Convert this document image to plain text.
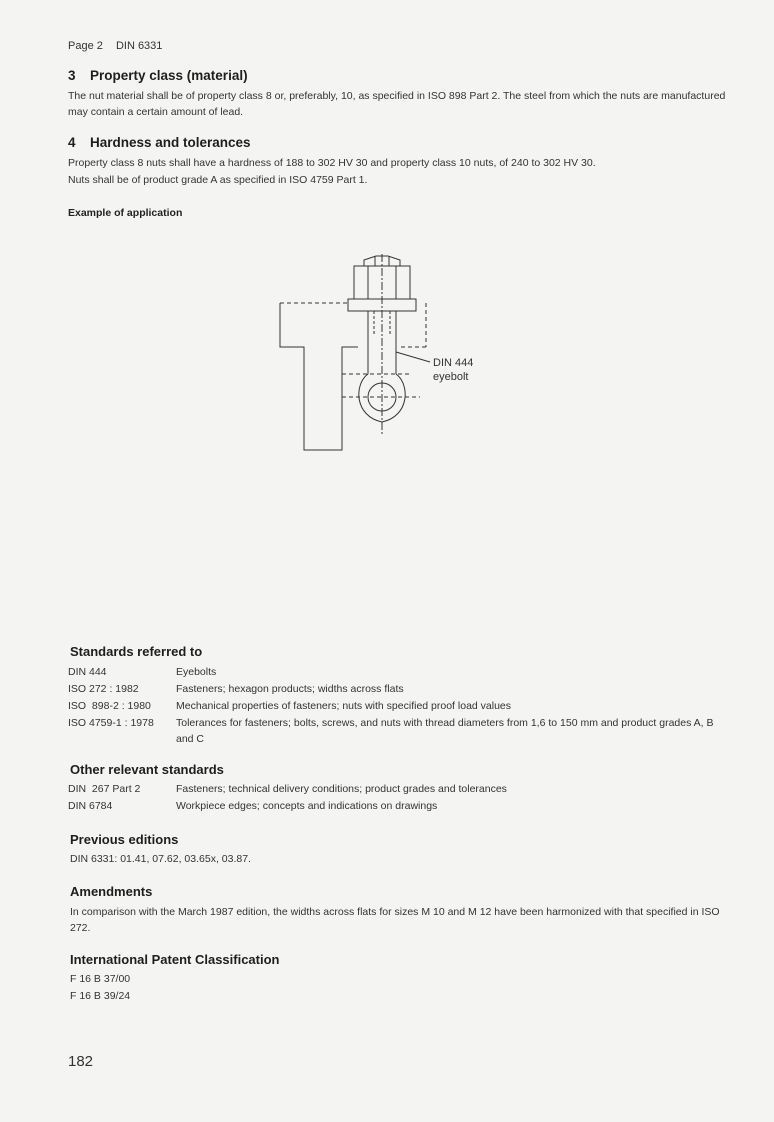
Page 2 DIN 6331
3 Property class (material)
The nut material shall be of property class 8 or, preferably, 10, as specified in ISO 898 Part 2. The steel from which the nuts are manufactured may contain a certain amount of lead.
4 Hardness and tolerances
Property class 8 nuts shall have a hardness of 188 to 302 HV 30 and property class 10 nuts, of 240 to 302 HV 30.
Nuts shall be of product grade A as specified in ISO 4759 Part 1.
Example of application
DIN 444
eyebolt
Standards referred to
DIN 444	Eyebolts
ISO 272 : 1982	Fasteners; hexagon products; widths across flats
ISO  898-2 : 1980	Mechanical properties of fasteners; nuts with specified proof load values
ISO 4759-1 : 1978	Tolerances for fasteners; bolts, screws, and nuts with thread diameters from 1,6 to 150 mm and product grades A, B and C
Other relevant standards
DIN  267 Part 2	Fasteners; technical delivery conditions; product grades and tolerances
DIN 6784	Workpiece edges; concepts and indications on drawings
Previous editions
DIN 6331: 01.41, 07.62, 03.65x, 03.87.
Amendments
In comparison with the March 1987 edition, the widths across flats for sizes M 10 and M 12 have been harmonized with that specified in ISO 272.
International Patent Classification
F 16 B 37/00
F 16 B 39/24
182
